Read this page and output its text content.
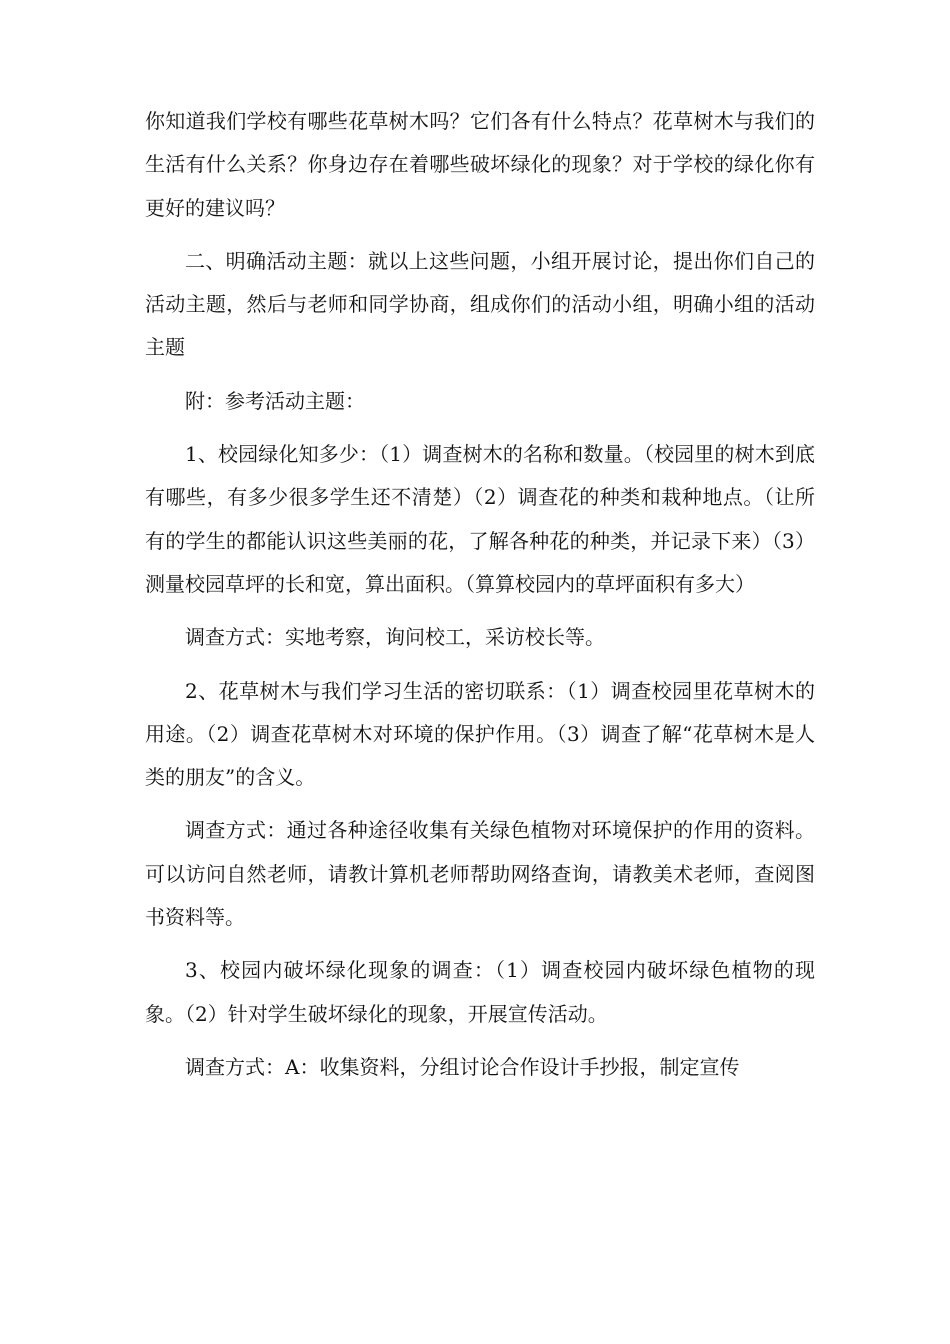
你知道我们学校有哪些花草树木吗？它们各有什么特点？花草树木与我们的生活有什么关系？你身边存在着哪些破坏绿化的现象？对于学校的绿化你有更好的建议吗？

二、明确活动主题：就以上这些问题，小组开展讨论，提出你们自己的活动主题，然后与老师和同学协商，组成你们的活动小组，明确小组的活动主题

附：参考活动主题：

1、校园绿化知多少：（1）调查树木的名称和数量。（校园里的树木到底有哪些，有多少很多学生还不清楚）（2）调查花的种类和栽种地点。（让所有的学生的都能认识这些美丽的花，了解各种花的种类，并记录下来）（3）测量校园草坪的长和宽，算出面积。（算算校园内的草坪面积有多大）

调查方式：实地考察，询问校工，采访校长等。

2、花草树木与我们学习生活的密切联系：（1）调查校园里花草树木的用途。（2）调查花草树木对环境的保护作用。（3）调查了解“花草树木是人类的朋友”的含义。

调查方式：通过各种途径收集有关绿色植物对环境保护的作用的资料。可以访问自然老师，请教计算机老师帮助网络查询，请教美术老师，查阅图书资料等。

3、校园内破坏绿化现象的调查：（1）调查校园内破坏绿色植物的现象。（2）针对学生破坏绿化的现象，开展宣传活动。

调查方式：A：收集资料，分组讨论合作设计手抄报，制定宣传
